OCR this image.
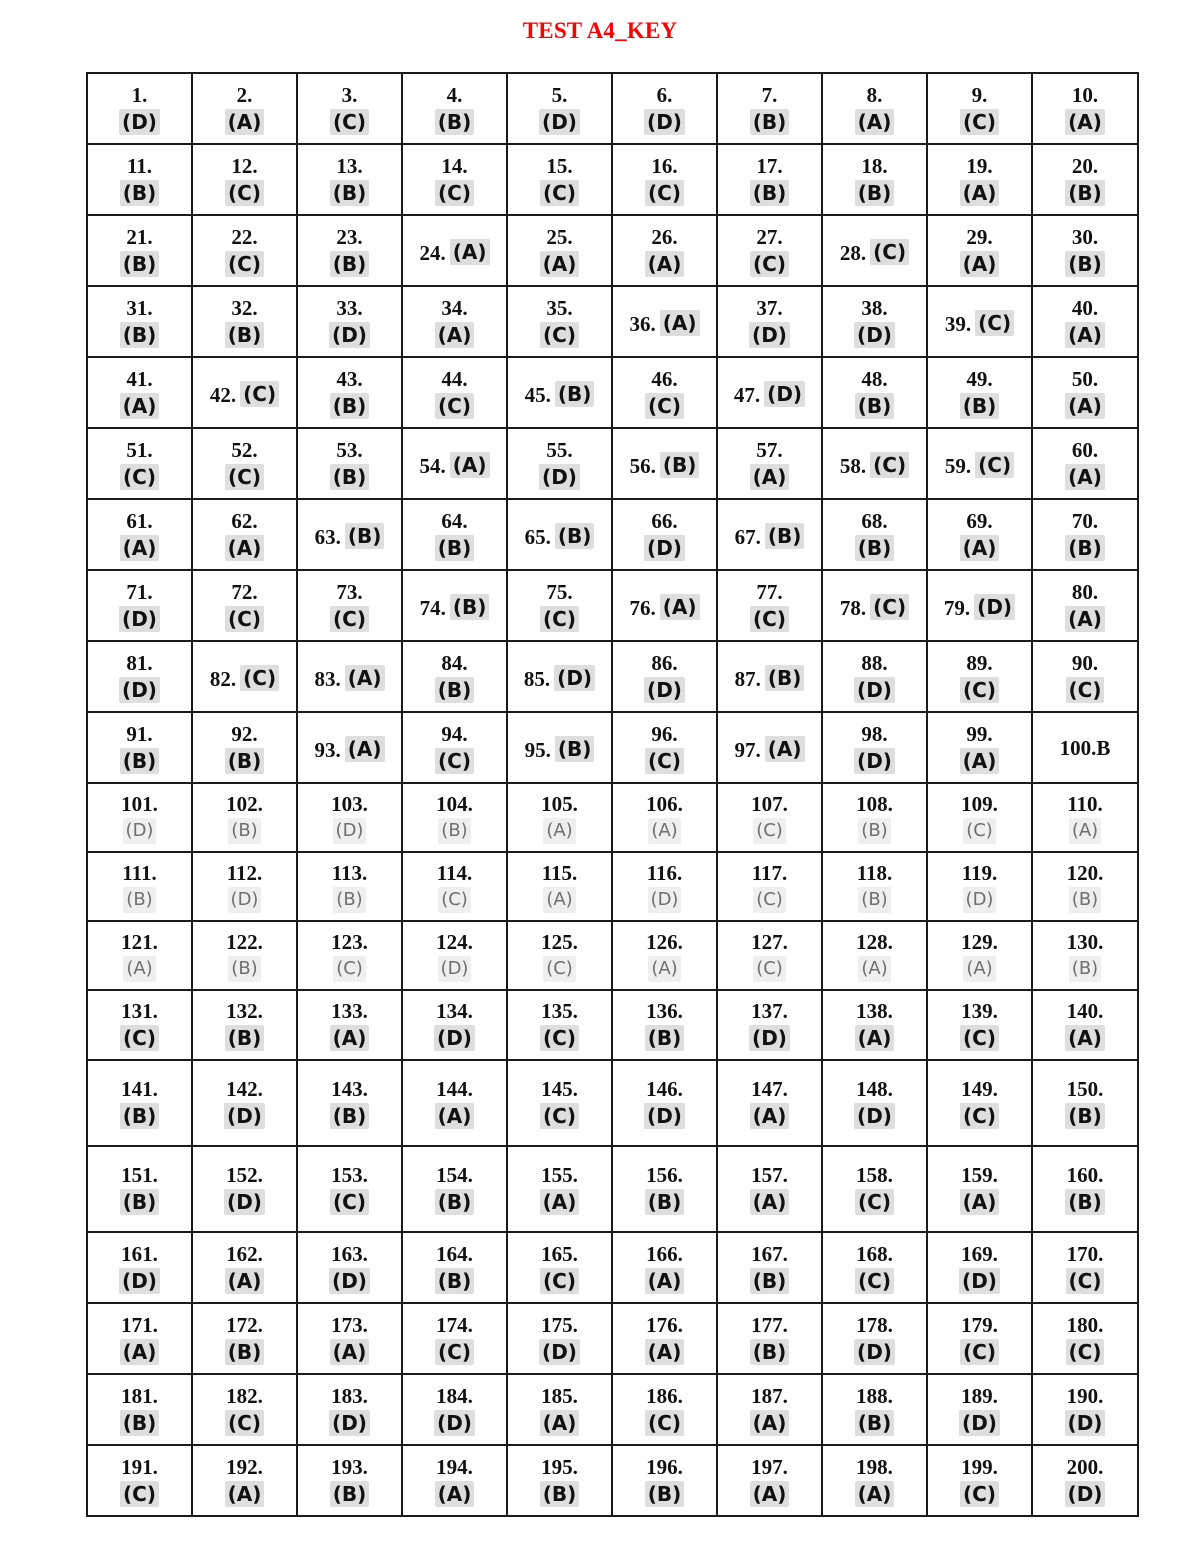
TEST A4_KEY
1.
(D)	2.
(A)	3.
(C)	4.
(B)	5.
(D)	6.
(D)	7.
(B)	8.
(A)	9.
(C)	10.
(A)

11.
(B)	12.
(C)	13.
(B)	14.
(C)	15.
(C)	16.
(C)	17.
(B)	18.
(B)	19.
(A)	20.
(B)

21.
(B)	22.
(C)	23.
(B)	24. (A)	25.
(A)	26.
(A)	27.
(C)	28. (C)	29.
(A)	30.
(B)

31.
(B)	32.
(B)	33.
(D)	34.
(A)	35.
(C)	36. (A)	37.
(D)	38.
(D)	39. (C)	40.
(A)

41.
(A)	42. (C)	43.
(B)	44.
(C)	45. (B)	46.
(C)	47. (D)	48.
(B)	49.
(B)	50.
(A)

51.
(C)	52.
(C)	53.
(B)	54. (A)	55.
(D)	56. (B)	57.
(A)	58. (C)	59. (C)	60.
(A)

61.
(A)	62.
(A)	63. (B)	64.
(B)	65. (B)	66.
(D)	67. (B)	68.
(B)	69.
(A)	70.
(B)

71.
(D)	72.
(C)	73.
(C)	74. (B)	75.
(C)	76. (A)	77.
(C)	78. (C)	79. (D)	80.
(A)

81.
(D)	82. (C)	83. (A)	84.
(B)	85. (D)	86.
(D)	87. (B)	88.
(D)	89.
(C)	90.
(C)

91.
(B)	92.
(B)	93. (A)	94.
(C)	95. (B)	96.
(C)	97. (A)	98.
(D)	99.
(A)	100.B

101.
(D)	102.
(B)	103.
(D)	104.
(B)	105.
(A)	106.
(A)	107.
(C)	108.
(B)	109.
(C)	110.
(A)

111.
(B)	112.
(D)	113.
(B)	114.
(C)	115.
(A)	116.
(D)	117.
(C)	118.
(B)	119.
(D)	120.
(B)

121.
(A)	122.
(B)	123.
(C)	124.
(D)	125.
(C)	126.
(A)	127.
(C)	128.
(A)	129.
(A)	130.
(B)

131.
(C)	132.
(B)	133.
(A)	134.
(D)	135.
(C)	136.
(B)	137.
(D)	138.
(A)	139.
(C)	140.
(A)

141.
(B)	142.
(D)	143.
(B)	144.
(A)	145.
(C)	146.
(D)	147.
(A)	148.
(D)	149.
(C)	150.
(B)

151.
(B)	152.
(D)	153.
(C)	154.
(B)	155.
(A)	156.
(B)	157.
(A)	158.
(C)	159.
(A)	160.
(B)

161.
(D)	162.
(A)	163.
(D)	164.
(B)	165.
(C)	166.
(A)	167.
(B)	168.
(C)	169.
(D)	170.
(C)

171.
(A)	172.
(B)	173.
(A)	174.
(C)	175.
(D)	176.
(A)	177.
(B)	178.
(D)	179.
(C)	180.
(C)

181.
(B)	182.
(C)	183.
(D)	184.
(D)	185.
(A)	186.
(C)	187.
(A)	188.
(B)	189.
(D)	190.
(D)

191.
(C)	192.
(A)	193.
(B)	194.
(A)	195.
(B)	196.
(B)	197.
(A)	198.
(A)	199.
(C)	200.
(D)
